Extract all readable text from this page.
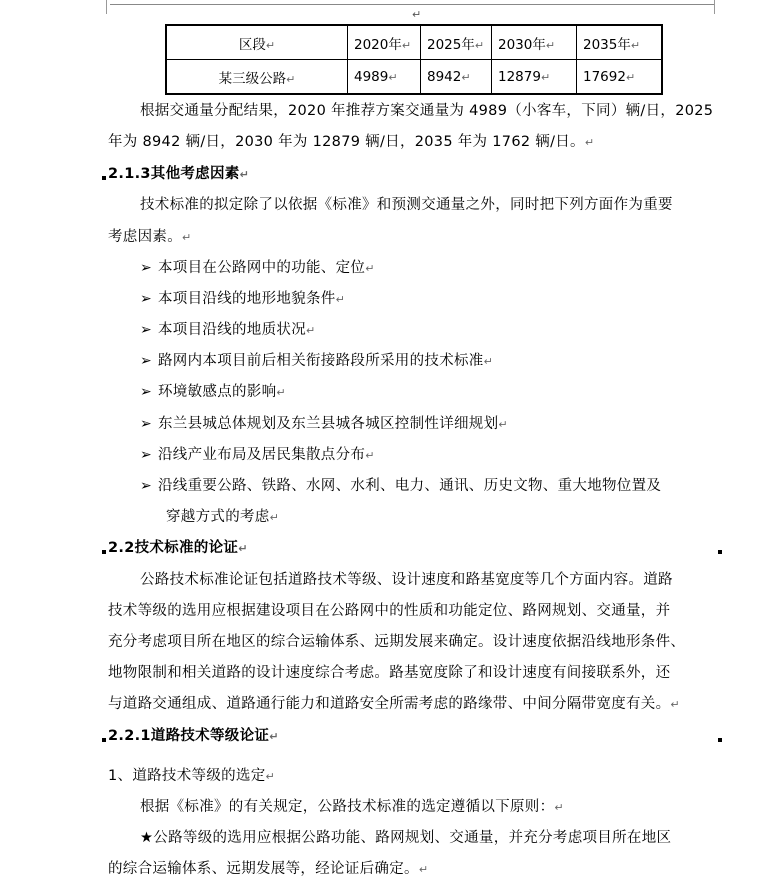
↵
区段↵	2020年↵	2025年↵	2030年↵	2035年↵
某三级公路↵	4989↵	8942↵	12879↵	17692↵
根据交通量分配结果，2020 年推荐方案交通量为 4989（小客车，下同）辆/日，2025
年为 8942 辆/日，2030 年为 12879 辆/日，2035 年为 1762 辆/日。↵
2.1.3其他考虑因素↵
技术标准的拟定除了以依据《标准》和预测交通量之外，同时把下列方面作为重要
考虑因素。↵
➢ 本项目在公路网中的功能、定位↵
➢ 本项目沿线的地形地貌条件↵
➢ 本项目沿线的地质状况↵
➢ 路网内本项目前后相关衔接路段所采用的技术标准↵
➢ 环境敏感点的影响↵
➢ 东兰县城总体规划及东兰县城各城区控制性详细规划↵
➢ 沿线产业布局及居民集散点分布↵
➢ 沿线重要公路、铁路、水网、水利、电力、通讯、历史文物、重大地物位置及
穿越方式的考虑↵
2.2技术标准的论证↵
公路技术标准论证包括道路技术等级、设计速度和路基宽度等几个方面内容。道路
技术等级的选用应根据建设项目在公路网中的性质和功能定位、路网规划、交通量，并
充分考虑项目所在地区的综合运输体系、远期发展来确定。设计速度依据沿线地形条件、
地物限制和相关道路的设计速度综合考虑。路基宽度除了和设计速度有间接联系外，还
与道路交通组成、道路通行能力和道路安全所需考虑的路缘带、中间分隔带宽度有关。↵
2.2.1道路技术等级论证↵
1、道路技术等级的选定↵
根据《标准》的有关规定，公路技术标准的选定遵循以下原则：↵
★公路等级的选用应根据公路功能、路网规划、交通量，并充分考虑项目所在地区
的综合运输体系、远期发展等，经论证后确定。↵
